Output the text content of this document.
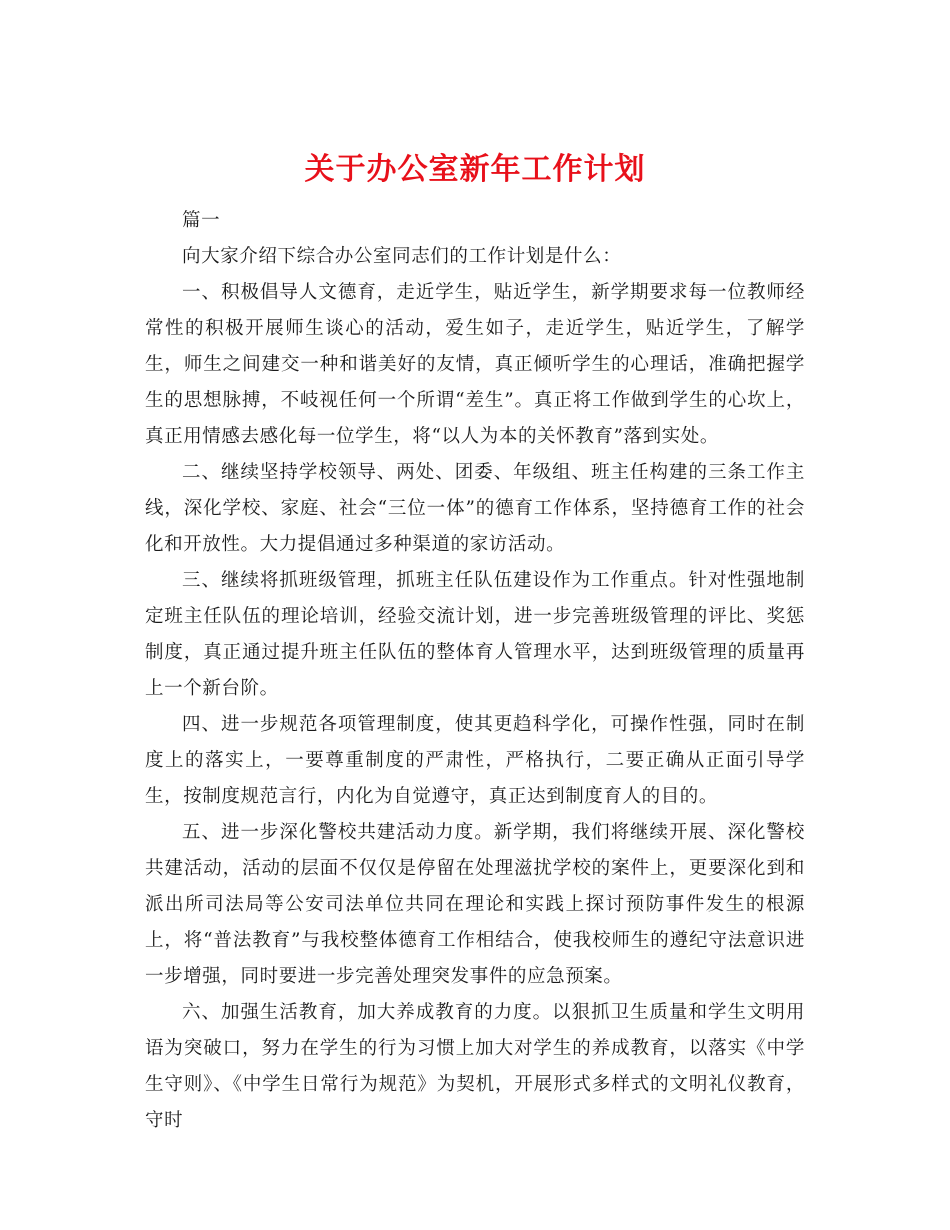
关于办公室新年工作计划

篇一

向大家介绍下综合办公室同志们的工作计划是什么：

一、积极倡导人文德育，走近学生，贴近学生，新学期要求每一位教师经常性的积极开展师生谈心的活动，爱生如子，走近学生，贴近学生，了解学生，师生之间建交一种和谐美好的友情，真正倾听学生的心理话，准确把握学生的思想脉搏，不岐视任何一个所谓“差生”。真正将工作做到学生的心坎上，真正用情感去感化每一位学生，将“以人为本的关怀教育”落到实处。

二、继续坚持学校领导、两处、团委、年级组、班主任构建的三条工作主线，深化学校、家庭、社会“三位一体”的德育工作体系，坚持德育工作的社会化和开放性。大力提倡通过多种渠道的家访活动。

三、继续将抓班级管理，抓班主任队伍建设作为工作重点。针对性强地制定班主任队伍的理论培训，经验交流计划，进一步完善班级管理的评比、奖惩制度，真正通过提升班主任队伍的整体育人管理水平，达到班级管理的质量再上一个新台阶。

四、进一步规范各项管理制度，使其更趋科学化，可操作性强，同时在制度上的落实上，一要尊重制度的严肃性，严格执行，二要正确从正面引导学生，按制度规范言行，内化为自觉遵守，真正达到制度育人的目的。

五、进一步深化警校共建活动力度。新学期，我们将继续开展、深化警校共建活动，活动的层面不仅仅是停留在处理滋扰学校的案件上，更要深化到和派出所司法局等公安司法单位共同在理论和实践上探讨预防事件发生的根源上，将“普法教育”与我校整体德育工作相结合，使我校师生的遵纪守法意识进一步增强，同时要进一步完善处理突发事件的应急预案。

六、加强生活教育，加大养成教育的力度。以狠抓卫生质量和学生文明用语为突破口，努力在学生的行为习惯上加大对学生的养成教育，以落实《中学生守则》、《中学生日常行为规范》为契机，开展形式多样式的文明礼仪教育，守时
